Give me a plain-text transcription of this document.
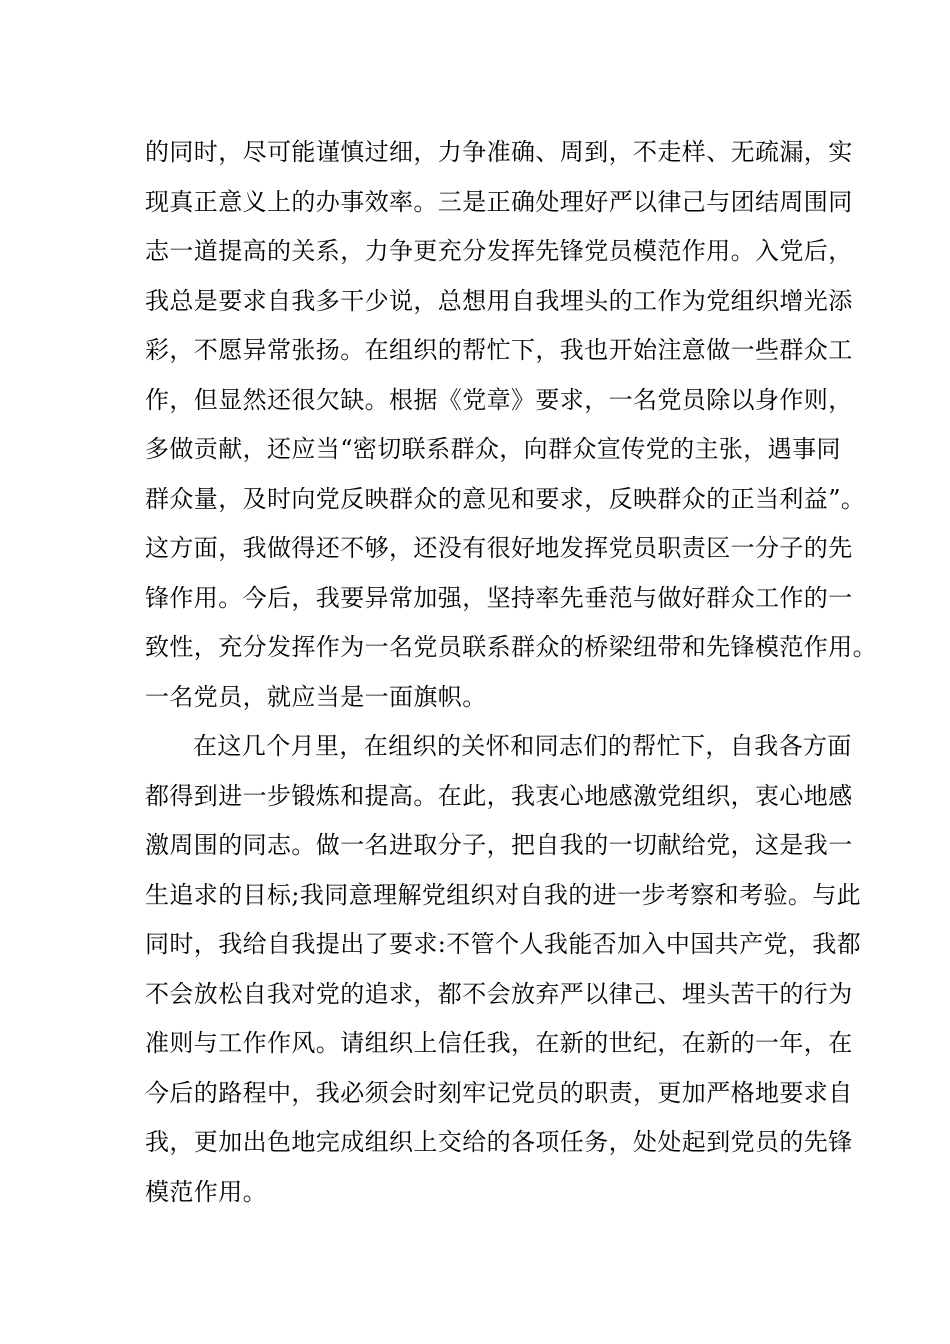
的同时，尽可能谨慎过细，力争准确、周到，不走样、无疏漏，实
现真正意义上的办事效率。三是正确处理好严以律己与团结周围同
志一道提高的关系，力争更充分发挥先锋党员模范作用。入党后，
我总是要求自我多干少说，总想用自我埋头的工作为党组织增光添
彩，不愿异常张扬。在组织的帮忙下，我也开始注意做一些群众工
作，但显然还很欠缺。根据《党章》要求，一名党员除以身作则，
多做贡献，还应当“密切联系群众，向群众宣传党的主张，遇事同
群众量，及时向党反映群众的意见和要求，反映群众的正当利益”。
这方面，我做得还不够，还没有很好地发挥党员职责区一分子的先
锋作用。今后，我要异常加强，坚持率先垂范与做好群众工作的一
致性，充分发挥作为一名党员联系群众的桥梁纽带和先锋模范作用。
一名党员，就应当是一面旗帜。
在这几个月里，在组织的关怀和同志们的帮忙下，自我各方面
都得到进一步锻炼和提高。在此，我衷心地感激党组织，衷心地感
激周围的同志。做一名进取分子，把自我的一切献给党，这是我一
生追求的目标;我同意理解党组织对自我的进一步考察和考验。与此
同时，我给自我提出了要求:不管个人我能否加入中国共产党，我都
不会放松自我对党的追求，都不会放弃严以律己、埋头苦干的行为
准则与工作作风。请组织上信任我，在新的世纪，在新的一年，在
今后的路程中，我必须会时刻牢记党员的职责，更加严格地要求自
我，更加出色地完成组织上交给的各项任务，处处起到党员的先锋
模范作用。
